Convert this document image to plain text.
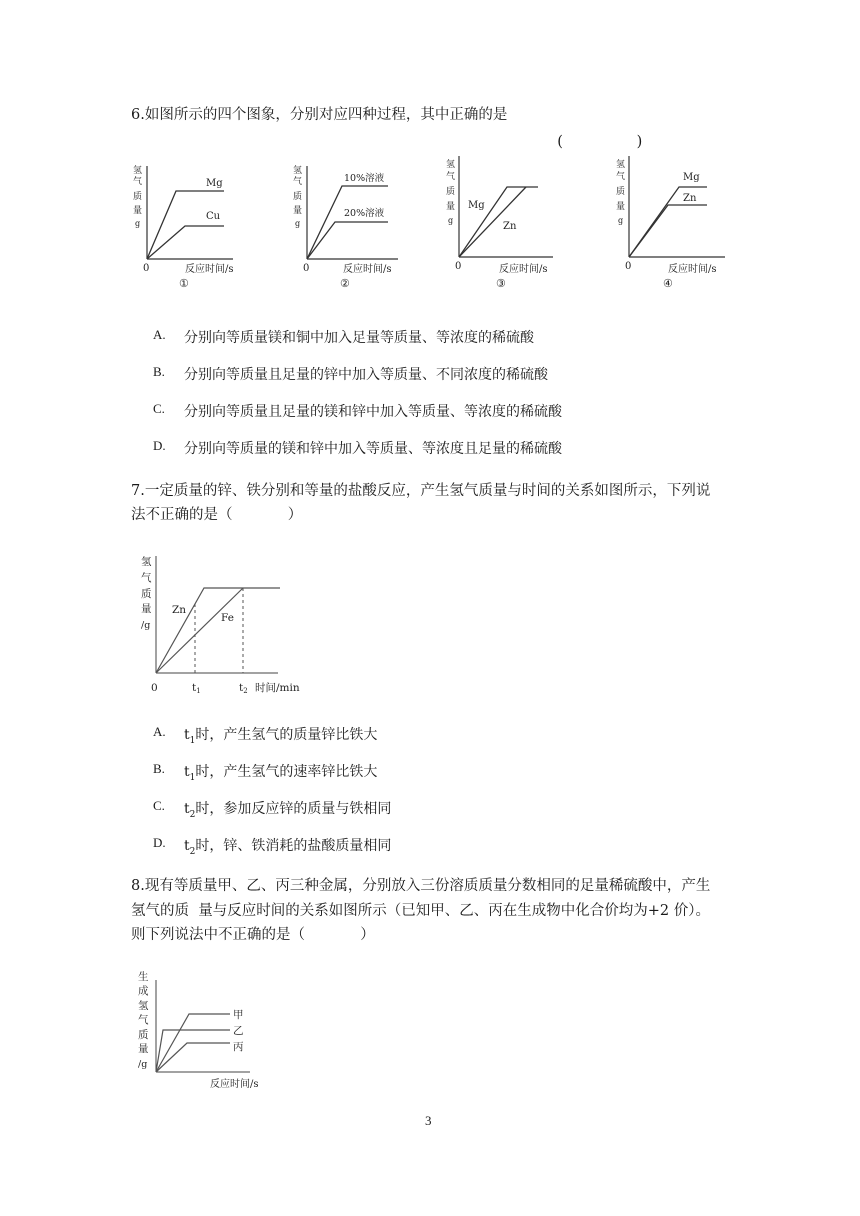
6.如图所示的四个图象，分别对应四种过程，其中正确的是

(                )

氢
气
质
量
g
Mg
Cu
0	反应时间/s
①
氢
气
质
量
g
10%溶液
20%溶液
0	反应时间/s
②
氢
气
质
量
g
Mg
Zn
0	反应时间/s
③
氢
气
质
量
g
Mg
Zn
0	反应时间/s
④
A. 分别向等质量镁和铜中加入足量等质量、等浓度的稀硫酸
B. 分别向等质量且足量的锌中加入等质量、不同浓度的稀硫酸
C. 分别向等质量且足量的镁和锌中加入等质量、等浓度的稀硫酸
D. 分别向等质量的镁和锌中加入等质量、等浓度且足量的稀硫酸
7.一定质量的锌、铁分别和等量的盐酸反应，产生氢气质量与时间的关系如图所示，下列说
法不正确的是（            ）
氢
气
质
量
/g
Zn
Fe
0	t1	t2 时间/min
A. $t_1$时，产生氢气的质量锌比铁大
B. $t_1$时，产生氢气的速率锌比铁大
C. $t_2$时，参加反应锌的质量与铁相同
D. $t_2$时，锌、铁消耗的盐酸质量相同
8.现有等质量甲、乙、丙三种金属，分别放入三份溶质质量分数相同的足量稀硫酸中，产生
氢气的质  量与反应时间的关系如图所示（已知甲、乙、丙在生成物中化合价均为+2 价）。
则下列说法中不正确的是（            ）
生
成
氢
气
质
量
/g
甲
乙
丙
反应时间/s
3
